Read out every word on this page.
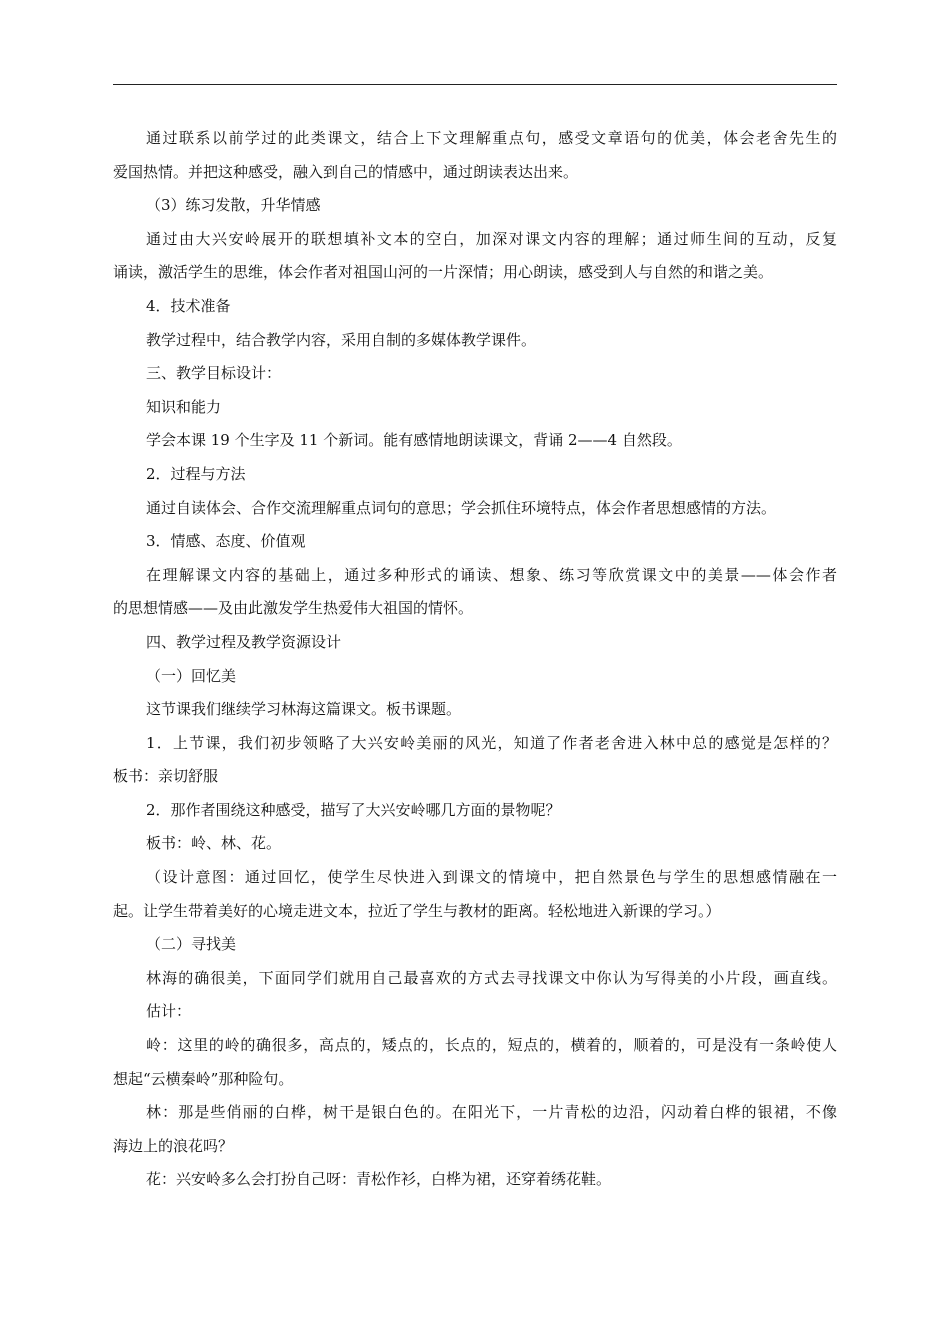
通过联系以前学过的此类课文，结合上下文理解重点句，感受文章语句的优美，体会老舍先生的
爱国热情。并把这种感受，融入到自己的情感中，通过朗读表达出来。
（3）练习发散，升华情感
通过由大兴安岭展开的联想填补文本的空白，加深对课文内容的理解；通过师生间的互动，反复
诵读，激活学生的思维，体会作者对祖国山河的一片深情；用心朗读，感受到人与自然的和谐之美。
4．技术准备
教学过程中，结合教学内容，采用自制的多媒体教学课件。
三、教学目标设计：
知识和能力
学会本课 19 个生字及 11 个新词。能有感情地朗读课文，背诵 2——4 自然段。
2．过程与方法
通过自读体会、合作交流理解重点词句的意思；学会抓住环境特点，体会作者思想感情的方法。
3．情感、态度、价值观
在理解课文内容的基础上，通过多种形式的诵读、想象、练习等欣赏课文中的美景——体会作者
的思想情感——及由此激发学生热爱伟大祖国的情怀。
四、教学过程及教学资源设计
（一）回忆美
这节课我们继续学习林海这篇课文。板书课题。
1．上节课，我们初步领略了大兴安岭美丽的风光，知道了作者老舍进入林中总的感觉是怎样的？
板书：亲切舒服
2．那作者围绕这种感受，描写了大兴安岭哪几方面的景物呢？
板书：岭、林、花。
（设计意图：通过回忆，使学生尽快进入到课文的情境中，把自然景色与学生的思想感情融在一
起。让学生带着美好的心境走进文本，拉近了学生与教材的距离。轻松地进入新课的学习。）
（二）寻找美
林海的确很美，下面同学们就用自己最喜欢的方式去寻找课文中你认为写得美的小片段，画直线。
估计：
岭：这里的岭的确很多，高点的，矮点的，长点的，短点的，横着的，顺着的，可是没有一条岭使人
想起“云横秦岭”那种险句。
林：那是些俏丽的白桦，树干是银白色的。在阳光下，一片青松的边沿，闪动着白桦的银裙，不像
海边上的浪花吗？
花：兴安岭多么会打扮自己呀：青松作衫，白桦为裙，还穿着绣花鞋。
